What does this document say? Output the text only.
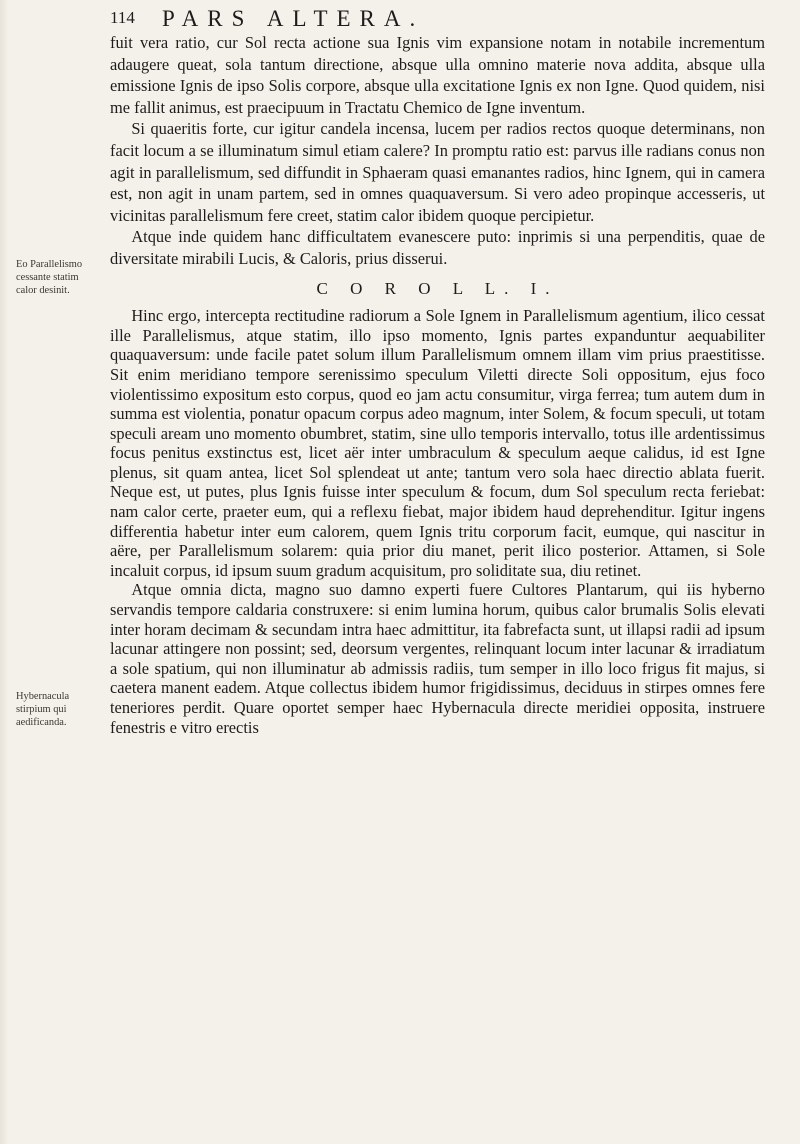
114 PARS ALTERA.
Eo Parallelismo cessante statim calor desinit.
Hybernacula stirpium qui aedificanda.

fuit vera ratio, cur Sol recta actione sua Ignis vim expansione notam in notabile incrementum adaugere queat, sola tantum directione, absque ulla omnino materie nova addita, absque ulla emissione Ignis de ipso Solis corpore, absque ulla excitatione Ignis ex non Igne. Quod quidem, nisi me fallit animus, est praecipuum in Tractatu Chemico de Igne inventum.

Si quaeritis forte, cur igitur candela incensa, lucem per radios rectos quoque determinans, non facit locum a se illuminatum simul etiam calere? In promptu ratio est: parvus ille radians conus non agit in parallelismum, sed diffundit in Sphaeram quasi emanantes radios, hinc Ignem, qui in camera est, non agit in unam partem, sed in omnes quaquaversum. Si vero adeo propinque accesseris, ut vicinitas parallelismum fere creet, statim calor ibidem quoque percipietur.

Atque inde quidem hanc difficultatem evanescere puto: inprimis si una perpenditis, quae de diversitate mirabili Lucis, & Caloris, prius disserui.

C O R O L L. I.

Hinc ergo, intercepta rectitudine radiorum a Sole Ignem in Parallelismum agentium, ilico cessat ille Parallelismus, atque statim, illo ipso momento, Ignis partes expanduntur aequabiliter quaquaversum: unde facile patet solum illum Parallelismum omnem illam vim prius praestitisse. Sit enim meridiano tempore serenissimo speculum Viletti directe Soli oppositum, ejus foco violentissimo expositum esto corpus, quod eo jam actu consumitur, virga ferrea; tum autem dum in summa est violentia, ponatur opacum corpus adeo magnum, inter Solem, & focum speculi, ut totam speculi aream uno momento obumbret, statim, sine ullo temporis intervallo, totus ille ardentissimus focus penitus exstinctus est, licet aër inter umbraculum & speculum aeque calidus, id est Igne plenus, sit quam antea, licet Sol splendeat ut ante; tantum vero sola haec directio ablata fuerit. Neque est, ut putes, plus Ignis fuisse inter speculum & focum, dum Sol speculum recta feriebat: nam calor certe, praeter eum, qui a reflexu fiebat, major ibidem haud deprehenditur. Igitur ingens differentia habetur inter eum calorem, quem Ignis tritu corporum facit, eumque, qui nascitur in aëre, per Parallelismum solarem: quia prior diu manet, perit ilico posterior. Attamen, si Sole incaluit corpus, id ipsum suum gradum acquisitum, pro soliditate sua, diu retinet.

Atque omnia dicta, magno suo damno experti fuere Cultores Plantarum, qui iis hyberno servandis tempore caldaria construxere: si enim lumina horum, quibus calor brumalis Solis elevati inter horam decimam & secundam intra haec admittitur, ita fabrefacta sunt, ut illapsi radii ad ipsum lacunar attingere non possint; sed, deorsum vergentes, relinquant locum inter lacunar & irradiatum a sole spatium, qui non illuminatur ab admissis radiis, tum semper in illo loco frigus fit majus, si caetera manent eadem. Atque collectus ibidem humor frigidissimus, deciduus in stirpes omnes fere teneriores perdit. Quare oportet semper haec Hybernacula directe meridiei opposita, instruere fenestris e vitro erectis
